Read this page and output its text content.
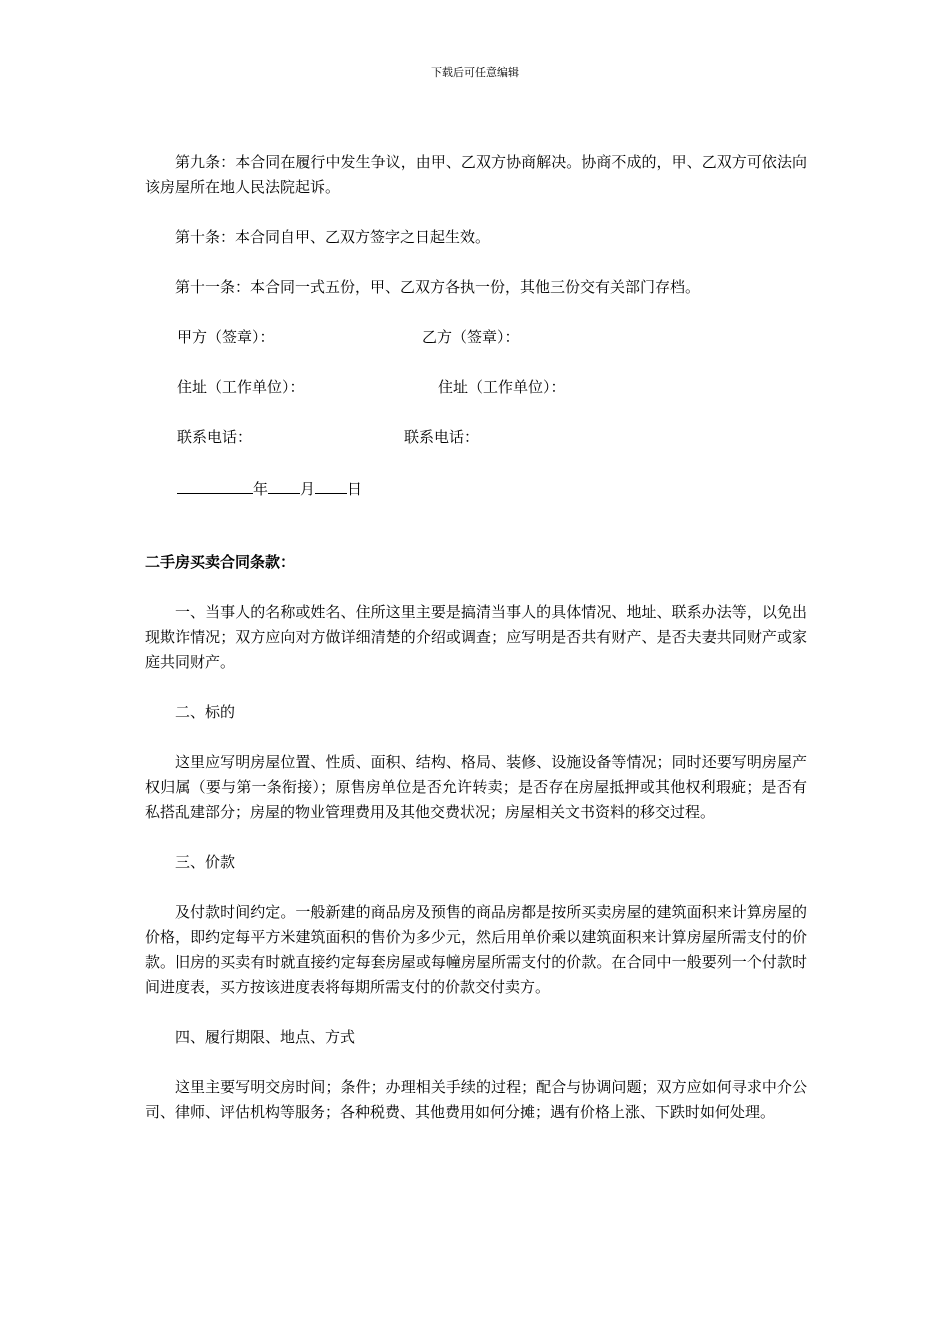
下载后可任意编辑

第九条：本合同在履行中发生争议，由甲、乙双方协商解决。协商不成的，甲、乙双方可依法向该房屋所在地人民法院起诉。

第十条：本合同自甲、乙双方签字之日起生效。

第十一条：本合同一式五份，甲、乙双方各执一份，其他三份交有关部门存档。

甲方（签章）：	乙方（签章）：
住址（工作单位）：	住址（工作单位）：
联系电话：	联系电话：
年 月 日
二手房买卖合同条款：

一、当事人的名称或姓名、住所这里主要是搞清当事人的具体情况、地址、联系办法等，以免出现欺诈情况；双方应向对方做详细清楚的介绍或调查；应写明是否共有财产、是否夫妻共同财产或家庭共同财产。

二、标的

这里应写明房屋位置、性质、面积、结构、格局、装修、设施设备等情况；同时还要写明房屋产权归属（要与第一条衔接）；原售房单位是否允许转卖；是否存在房屋抵押或其他权利瑕疵；是否有私搭乱建部分；房屋的物业管理费用及其他交费状况；房屋相关文书资料的移交过程。

三、价款

及付款时间约定。一般新建的商品房及预售的商品房都是按所买卖房屋的建筑面积来计算房屋的价格，即约定每平方米建筑面积的售价为多少元，然后用单价乘以建筑面积来计算房屋所需支付的价款。旧房的买卖有时就直接约定每套房屋或每幢房屋所需支付的价款。在合同中一般要列一个付款时间进度表，买方按该进度表将每期所需支付的价款交付卖方。

四、履行期限、地点、方式

这里主要写明交房时间；条件；办理相关手续的过程；配合与协调问题；双方应如何寻求中介公司、律师、评估机构等服务；各种税费、其他费用如何分摊；遇有价格上涨、下跌时如何处理。
